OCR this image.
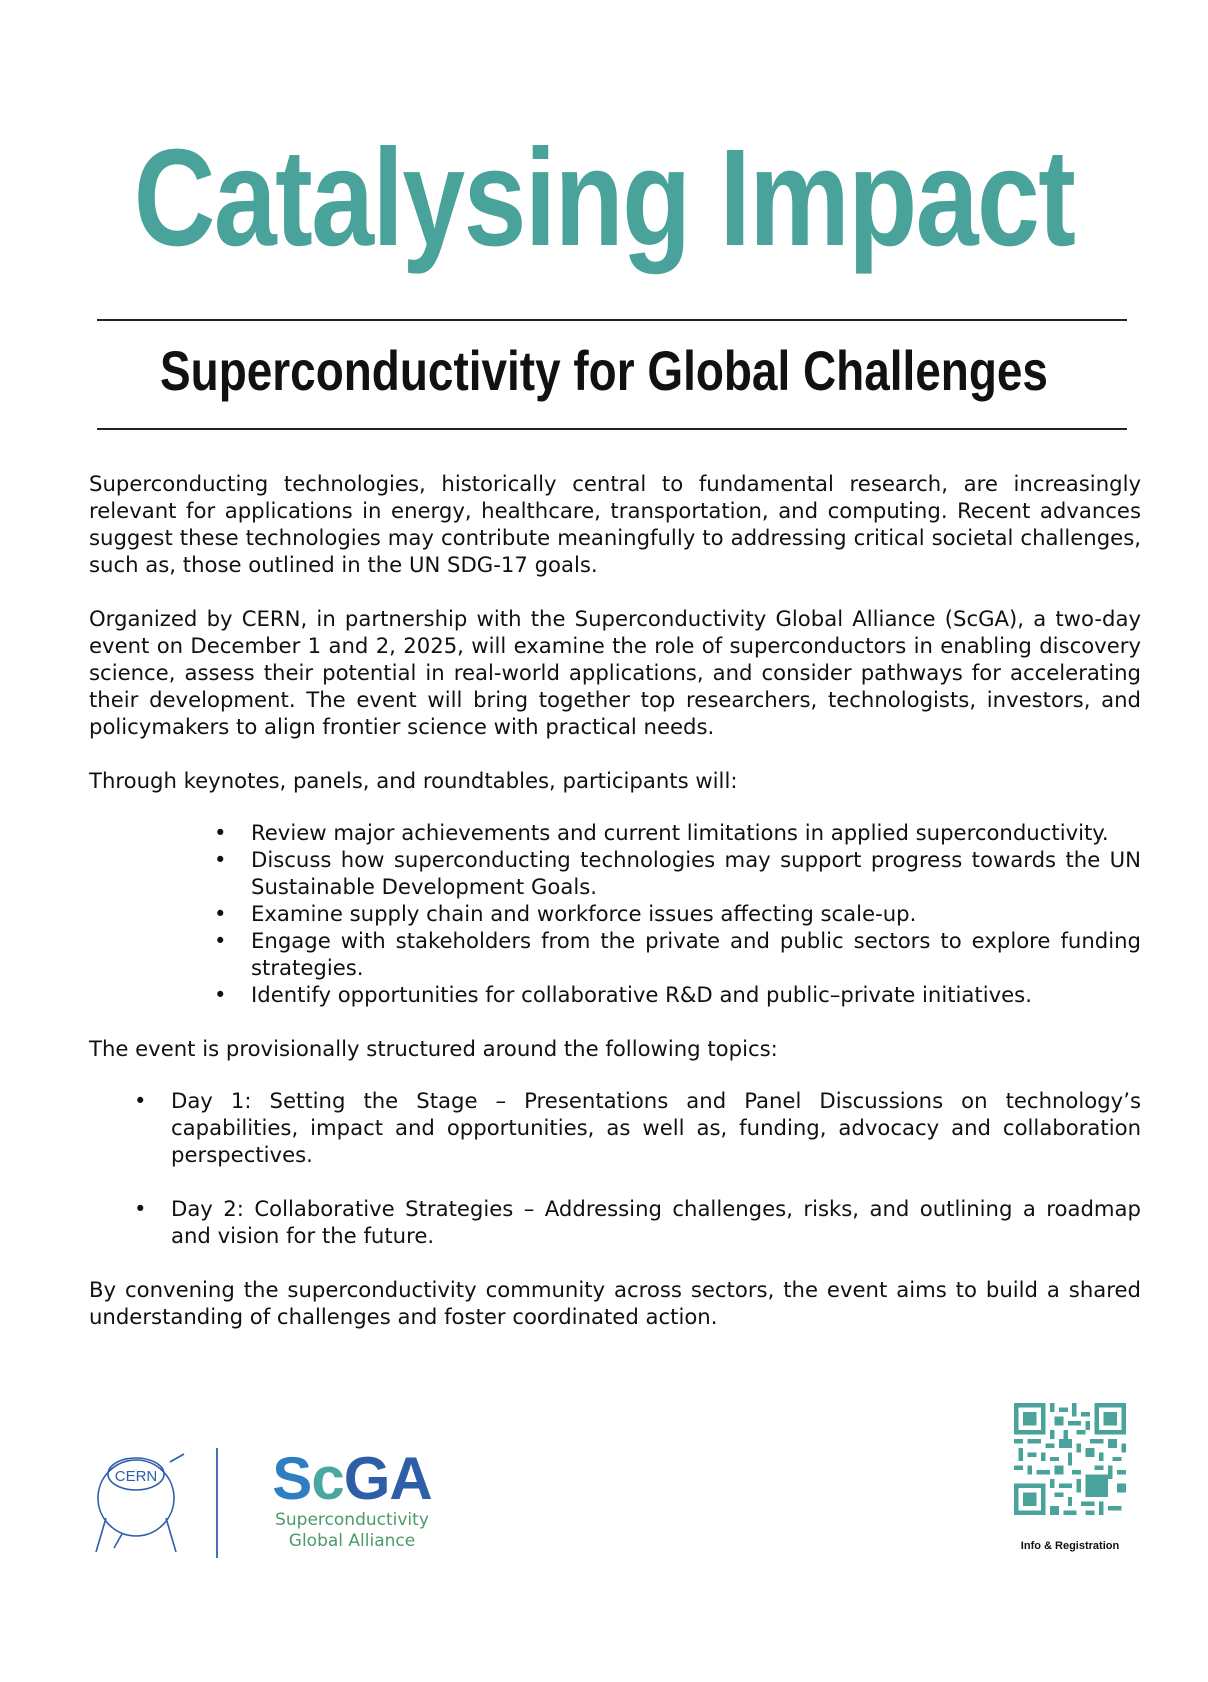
Catalysing Impact
Superconductivity for Global Challenges

Superconducting technologies, historically central to fundamental research, are increasingly relevant for applications in energy, healthcare, transportation, and computing. Recent advances suggest these technologies may contribute meaningfully to addressing critical societal challenges, such as, those outlined in the UN SDG-17 goals.

Organized by CERN, in partnership with the Superconductivity Global Alliance (ScGA), a two-day event on December 1 and 2, 2025, will examine the role of superconductors in enabling discovery science, assess their potential in real-world applications, and consider pathways for accelerating their development. The event will bring together top researchers, technologists, investors, and policymakers to align frontier science with practical needs.

Through keynotes, panels, and roundtables, participants will:

• Review major achievements and current limitations in applied superconductivity.
• Discuss how superconducting technologies may support progress towards the UN Sustainable Development Goals.
• Examine supply chain and workforce issues affecting scale-up.
• Engage with stakeholders from the private and public sectors to explore funding strategies.
• Identify opportunities for collaborative R&D and public–private initiatives.

The event is provisionally structured around the following topics:

• Day 1: Setting the Stage – Presentations and Panel Discussions on technology’s capabilities, impact and opportunities, as well as, funding, advocacy and collaboration perspectives.
• Day 2: Collaborative Strategies – Addressing challenges, risks, and outlining a roadmap and vision for the future.

By convening the superconductivity community across sectors, the event aims to build a shared understanding of challenges and foster coordinated action.

CERN	ScGA
Superconductivity
Global Alliance	Info & Registration
